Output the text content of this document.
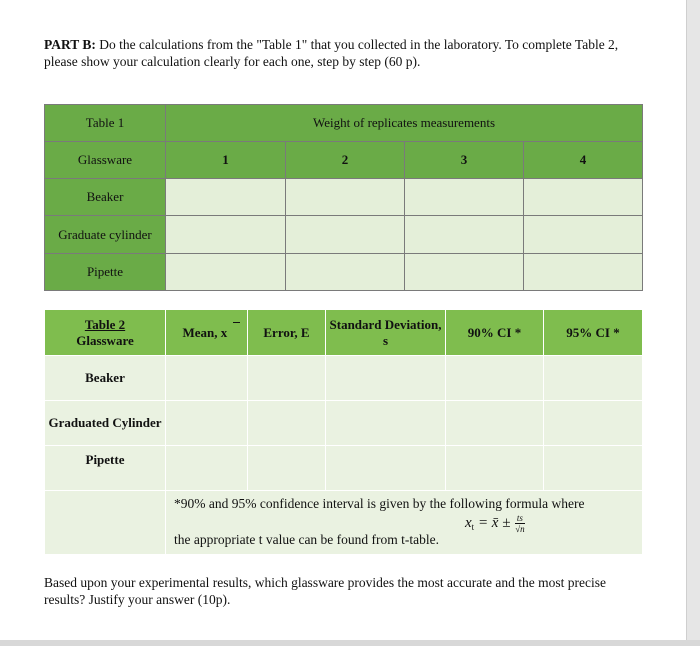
PART B: Do the calculations from the "Table 1" that you collected in the laboratory. To complete Table 2, please show your calculation clearly for each one, step by step (60 p).
Table 1	Weight of replicates measurements			
Glassware	1	2	3	4
Beaker				
Graduate cylinder				
Pipette				
Table 2
Glassware	Mean, x	Error, E	Standard Deviation, s	90% CI *	95% CI *
Beaker					
Graduated Cylinder					
Pipette					

	*90% and 95% confidence interval is given by the following formula where
$x_t$ = x̄ ± $\frac{ts}{√n}$
the appropriate t value can be found from t-table.				
Based upon your experimental results, which glassware provides the most accurate and the most precise results? Justify your answer (10p).
